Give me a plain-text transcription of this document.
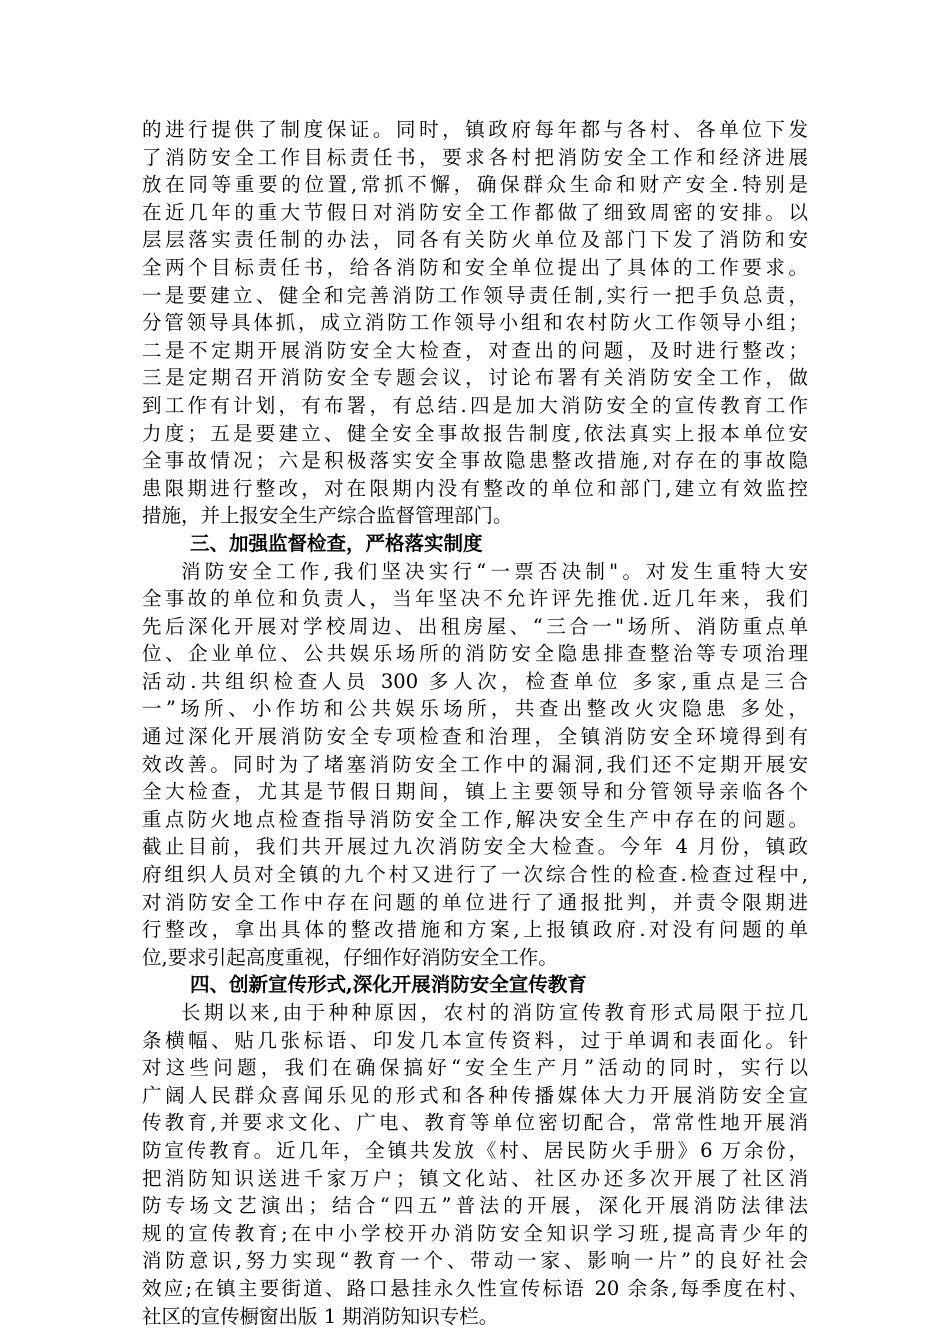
的进行提供了制度保证。同时，镇政府每年都与各村、各单位下发
了消防安全工作目标责任书，要求各村把消防安全工作和经济进展
放在同等重要的位置,常抓不懈，确保群众生命和财产安全.特别是
在近几年的重大节假日对消防安全工作都做了细致周密的安排。以
层层落实责任制的办法，同各有关防火单位及部门下发了消防和安
全两个目标责任书，给各消防和安全单位提出了具体的工作要求。
一是要建立、健全和完善消防工作领导责任制,实行一把手负总责，
分管领导具体抓，成立消防工作领导小组和农村防火工作领导小组；
二是不定期开展消防安全大检查，对查出的问题，及时进行整改；
三是定期召开消防安全专题会议，讨论布署有关消防安全工作，做
到工作有计划，有布署，有总结.四是加大消防安全的宣传教育工作
力度；五是要建立、健全安全事故报告制度,依法真实上报本单位安
全事故情况；六是积极落实安全事故隐患整改措施,对存在的事故隐
患限期进行整改，对在限期内没有整改的单位和部门,建立有效监控
措施，并上报安全生产综合监督管理部门。
三、加强监督检查，严格落实制度
消防安全工作,我们坚决实行“一票否决制"。对发生重特大安
全事故的单位和负责人，当年坚决不允许评先推优.近几年来，我们
先后深化开展对学校周边、出租房屋、“三合一"场所、消防重点单
位、企业单位、公共娱乐场所的消防安全隐患排查整治等专项治理
活动.共组织检查人员 300 多人次，检查单位 多家,重点是三合
一”场所、小作坊和公共娱乐场所，共查出整改火灾隐患 多处，
通过深化开展消防安全专项检查和治理，全镇消防安全环境得到有
效改善。同时为了堵塞消防安全工作中的漏洞,我们还不定期开展安
全大检查，尤其是节假日期间，镇上主要领导和分管领导亲临各个
重点防火地点检查指导消防安全工作,解决安全生产中存在的问题。
截止目前，我们共开展过九次消防安全大检查。今年 4 月份，镇政
府组织人员对全镇的九个村又进行了一次综合性的检查.检查过程中,
对消防安全工作中存在问题的单位进行了通报批判，并责令限期进
行整改，拿出具体的整改措施和方案,上报镇政府.对没有问题的单
位,要求引起高度重视，仔细作好消防安全工作。
四、创新宣传形式,深化开展消防安全宣传教育
长期以来,由于种种原因，农村的消防宣传教育形式局限于拉几
条横幅、贴几张标语、印发几本宣传资料，过于单调和表面化。针
对这些问题，我们在确保搞好“安全生产月”活动的同时，实行以
广阔人民群众喜闻乐见的形式和各种传播媒体大力开展消防安全宣
传教育,并要求文化、广电、教育等单位密切配合，常常性地开展消
防宣传教育。近几年，全镇共发放《村、居民防火手册》6 万余份，
把消防知识送进千家万户；镇文化站、社区办还多次开展了社区消
防专场文艺演出；结合“四五”普法的开展，深化开展消防法律法
规的宣传教育;在中小学校开办消防安全知识学习班,提高青少年的
消防意识,努力实现“教育一个、带动一家、影响一片”的良好社会
效应;在镇主要街道、路口悬挂永久性宣传标语 20 余条,每季度在村、
社区的宣传橱窗出版 1 期消防知识专栏。
